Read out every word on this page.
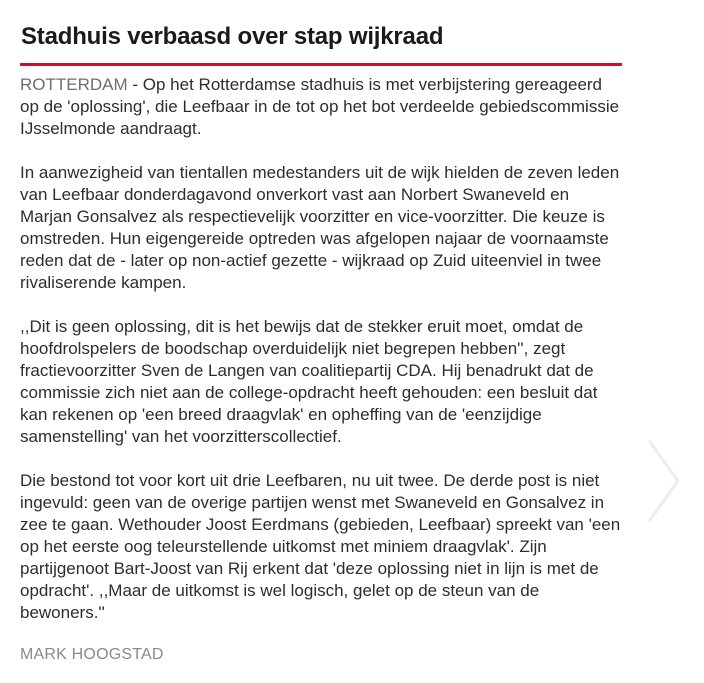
Stadhuis verbaasd over stap wijkraad

ROTTERDAM - Op het Rotterdamse stadhuis is met verbijstering gereageerd op de 'oplossing', die Leefbaar in de tot op het bot verdeelde gebiedscommissie IJsselmonde aandraagt.

In aanwezigheid van tientallen medestanders uit de wijk hielden de zeven leden van Leefbaar donderdagavond onverkort vast aan Norbert Swaneveld en Marjan Gonsalvez als respectievelijk voorzitter en vice-voorzitter. Die keuze is omstreden. Hun eigengereide optreden was afgelopen najaar de voornaamste reden dat de - later op non-actief gezette - wijkraad op Zuid uiteenviel in twee rivaliserende kampen.

,,Dit is geen oplossing, dit is het bewijs dat de stekker eruit moet, omdat de hoofdrolspelers de boodschap overduidelijk niet begrepen hebben'', zegt fractievoorzitter Sven de Langen van coalitiepartij CDA. Hij benadrukt dat de commissie zich niet aan de college-opdracht heeft gehouden: een besluit dat kan rekenen op 'een breed draagvlak' en opheffing van de 'eenzijdige samenstelling' van het voorzitterscollectief.

Die bestond tot voor kort uit drie Leefbaren, nu uit twee. De derde post is niet ingevuld: geen van de overige partijen wenst met Swaneveld en Gonsalvez in zee te gaan. Wethouder Joost Eerdmans (gebieden, Leefbaar) spreekt van 'een op het eerste oog teleurstellende uitkomst met miniem draagvlak'. Zijn partijgenoot Bart-Joost van Rij erkent dat 'deze oplossing niet in lijn is met de opdracht'. ,,Maar de uitkomst is wel logisch, gelet op de steun van de bewoners.''

MARK HOOGSTAD
